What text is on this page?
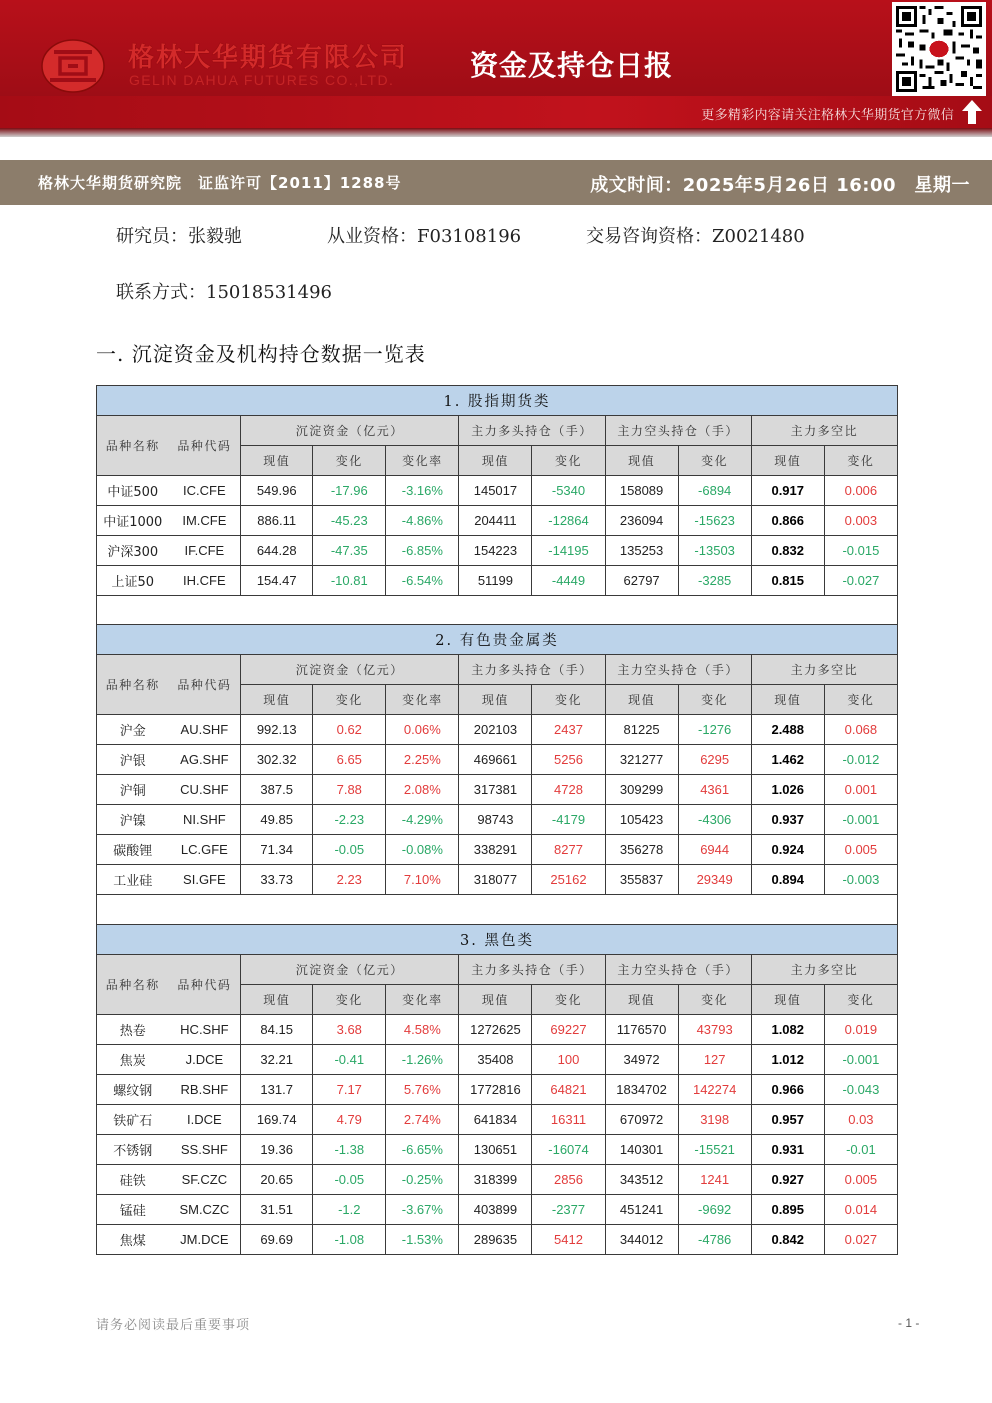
格林大华期货有限公司
GELIN DAHUA FUTURES CO.,LTD.	资金及持仓日报
更多精彩内容请关注格林大华期货官方微信
格林大华期货研究院　证监许可【2011】1288号	成文时间：2025年5月26日 16:00　星期一
研究员：张毅驰	从业资格：F03108196	交易咨询资格：Z0021480
联系方式：15018531496
一. 沉淀资金及机构持仓数据一览表
1. 股指期货类										
品种名称	品种代码	沉淀资金（亿元）			主力多头持仓（手）		主力空头持仓（手）		主力多空比	
		现值	变化	变化率	现值	变化	现值	变化	现值	变化
中证500	IC.CFE	549.96	-17.96	-3.16%	145017	-5340	158089	-6894	0.917	0.006
中证1000	IM.CFE	886.11	-45.23	-4.86%	204411	-12864	236094	-15623	0.866	0.003
沪深300	IF.CFE	644.28	-47.35	-6.85%	154223	-14195	135253	-13503	0.832	-0.015
上证50	IH.CFE	154.47	-10.81	-6.54%	51199	-4449	62797	-3285	0.815	-0.027

2. 有色贵金属类										
品种名称	品种代码	沉淀资金（亿元）			主力多头持仓（手）		主力空头持仓（手）		主力多空比	
		现值	变化	变化率	现值	变化	现值	变化	现值	变化
沪金	AU.SHF	992.13	0.62	0.06%	202103	2437	81225	-1276	2.488	0.068
沪银	AG.SHF	302.32	6.65	2.25%	469661	5256	321277	6295	1.462	-0.012
沪铜	CU.SHF	387.5	7.88	2.08%	317381	4728	309299	4361	1.026	0.001
沪镍	NI.SHF	49.85	-2.23	-4.29%	98743	-4179	105423	-4306	0.937	-0.001
碳酸锂	LC.GFE	71.34	-0.05	-0.08%	338291	8277	356278	6944	0.924	0.005
工业硅	SI.GFE	33.73	2.23	7.10%	318077	25162	355837	29349	0.894	-0.003

3. 黑色类										
品种名称	品种代码	沉淀资金（亿元）			主力多头持仓（手）		主力空头持仓（手）		主力多空比	
		现值	变化	变化率	现值	变化	现值	变化	现值	变化
热卷	HC.SHF	84.15	3.68	4.58%	1272625	69227	1176570	43793	1.082	0.019
焦炭	J.DCE	32.21	-0.41	-1.26%	35408	100	34972	127	1.012	-0.001
螺纹钢	RB.SHF	131.7	7.17	5.76%	1772816	64821	1834702	142274	0.966	-0.043
铁矿石	I.DCE	169.74	4.79	2.74%	641834	16311	670972	3198	0.957	0.03
不锈钢	SS.SHF	19.36	-1.38	-6.65%	130651	-16074	140301	-15521	0.931	-0.01
硅铁	SF.CZC	20.65	-0.05	-0.25%	318399	2856	343512	1241	0.927	0.005
锰硅	SM.CZC	31.51	-1.2	-3.67%	403899	-2377	451241	-9692	0.895	0.014
焦煤	JM.DCE	69.69	-1.08	-1.53%	289635	5412	344012	-4786	0.842	0.027
请务必阅读最后重要事项	- 1 -
